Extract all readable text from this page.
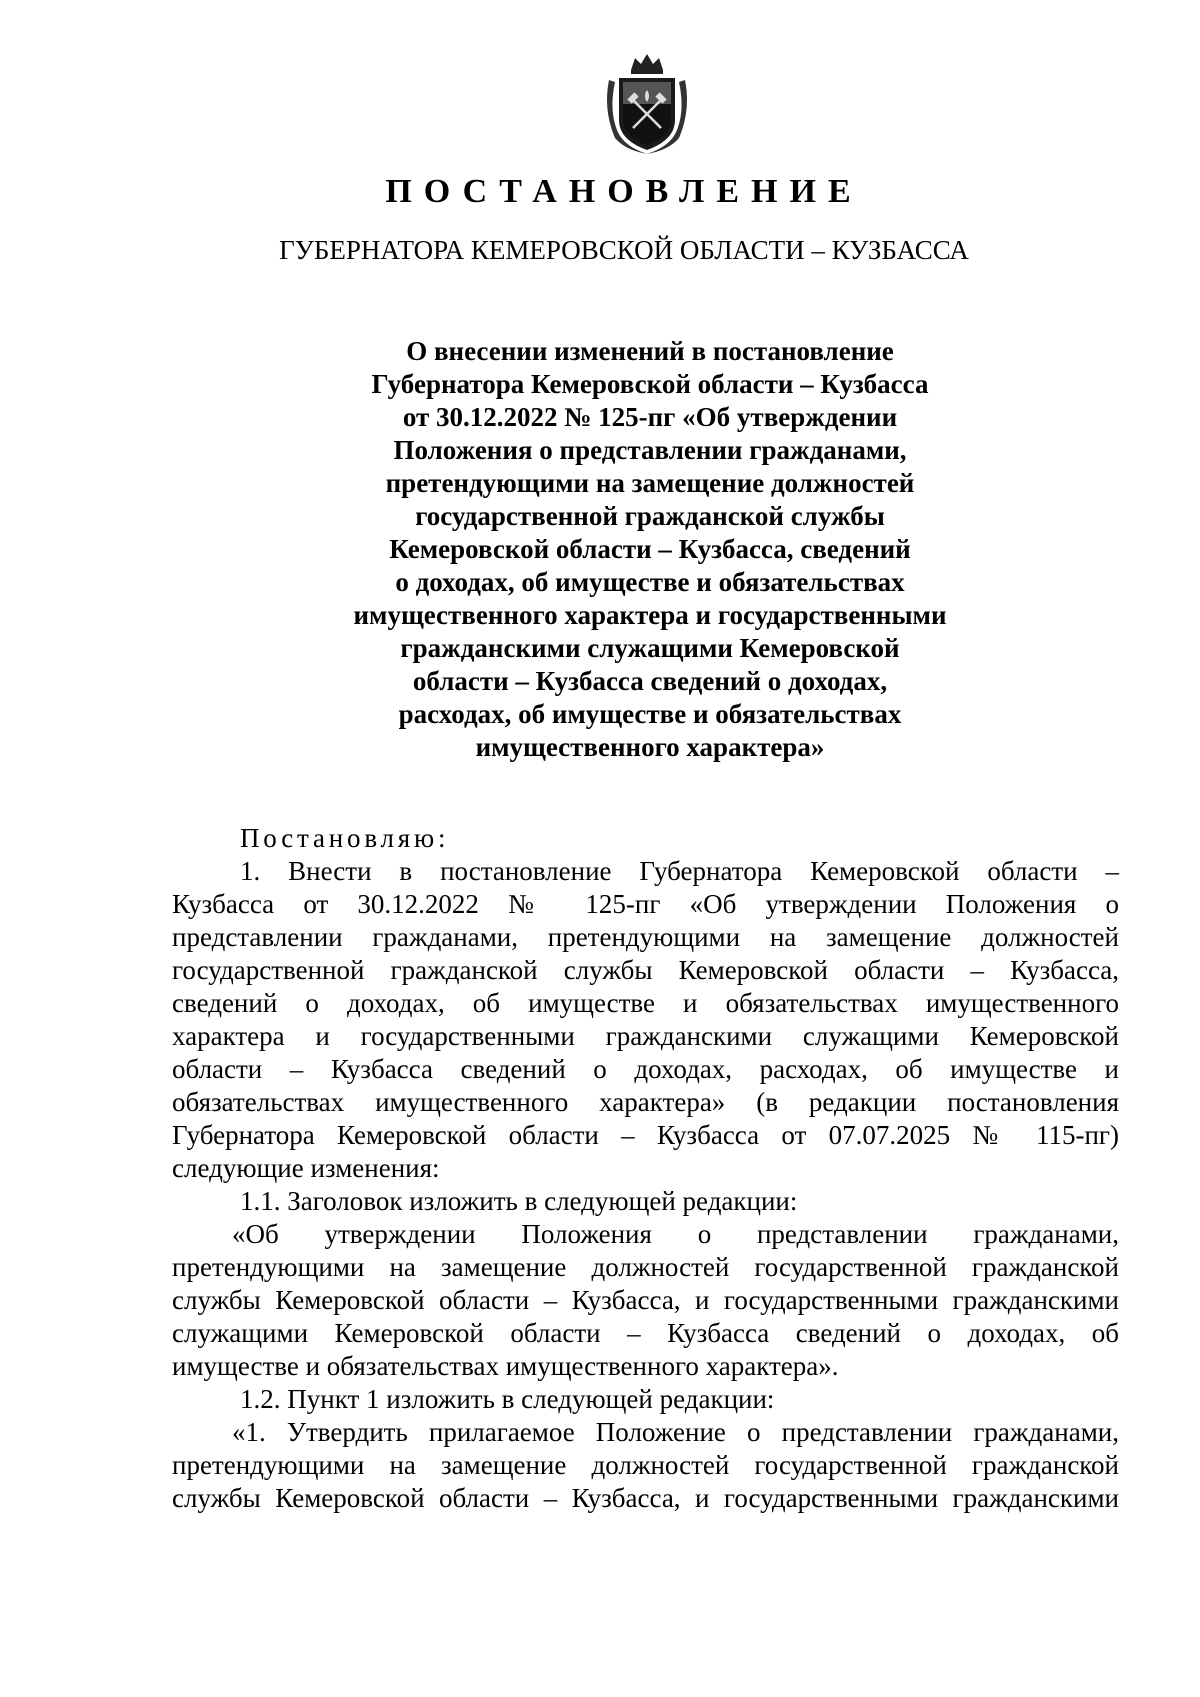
ПОСТАНОВЛЕНИЕ
ГУБЕРНАТОРА КЕМЕРОВСКОЙ ОБЛАСТИ – КУЗБАССА
О внесении изменений в постановление
Губернатора Кемеровской области – Кузбасса
от 30.12.2022 № 125-пг «Об утверждении
Положения о представлении гражданами,
претендующими на замещение должностей
государственной гражданской службы
Кемеровской области – Кузбасса, сведений
о доходах, об имуществе и обязательствах
имущественного характера и государственными
гражданскими служащими Кемеровской
области – Кузбасса сведений о доходах,
расходах, об имуществе и обязательствах
имущественного характера»

Постановляю:

1. Внести в постановление Губернатора Кемеровской области –
Кузбасса от 30.12.2022 № 125-пг «Об утверждении Положения о
представлении гражданами, претендующими на замещение должностей
государственной гражданской службы Кемеровской области – Кузбасса,
сведений о доходах, об имуществе и обязательствах имущественного
характера и государственными гражданскими служащими Кемеровской
области – Кузбасса сведений о доходах, расходах, об имуществе и
обязательствах имущественного характера» (в редакции постановления
Губернатора Кемеровской области – Кузбасса от 07.07.2025 № 115-пг)
следующие изменения:

1.1. Заголовок изложить в следующей редакции:

«Об утверждении Положения о представлении гражданами,
претендующими на замещение должностей государственной гражданской
службы Кемеровской области – Кузбасса, и государственными гражданскими
служащими Кемеровской области – Кузбасса сведений о доходах, об
имуществе и обязательствах имущественного характера».

1.2. Пункт 1 изложить в следующей редакции:

«1. Утвердить прилагаемое Положение о представлении гражданами,
претендующими на замещение должностей государственной гражданской
службы Кемеровской области – Кузбасса, и государственными гражданскими
